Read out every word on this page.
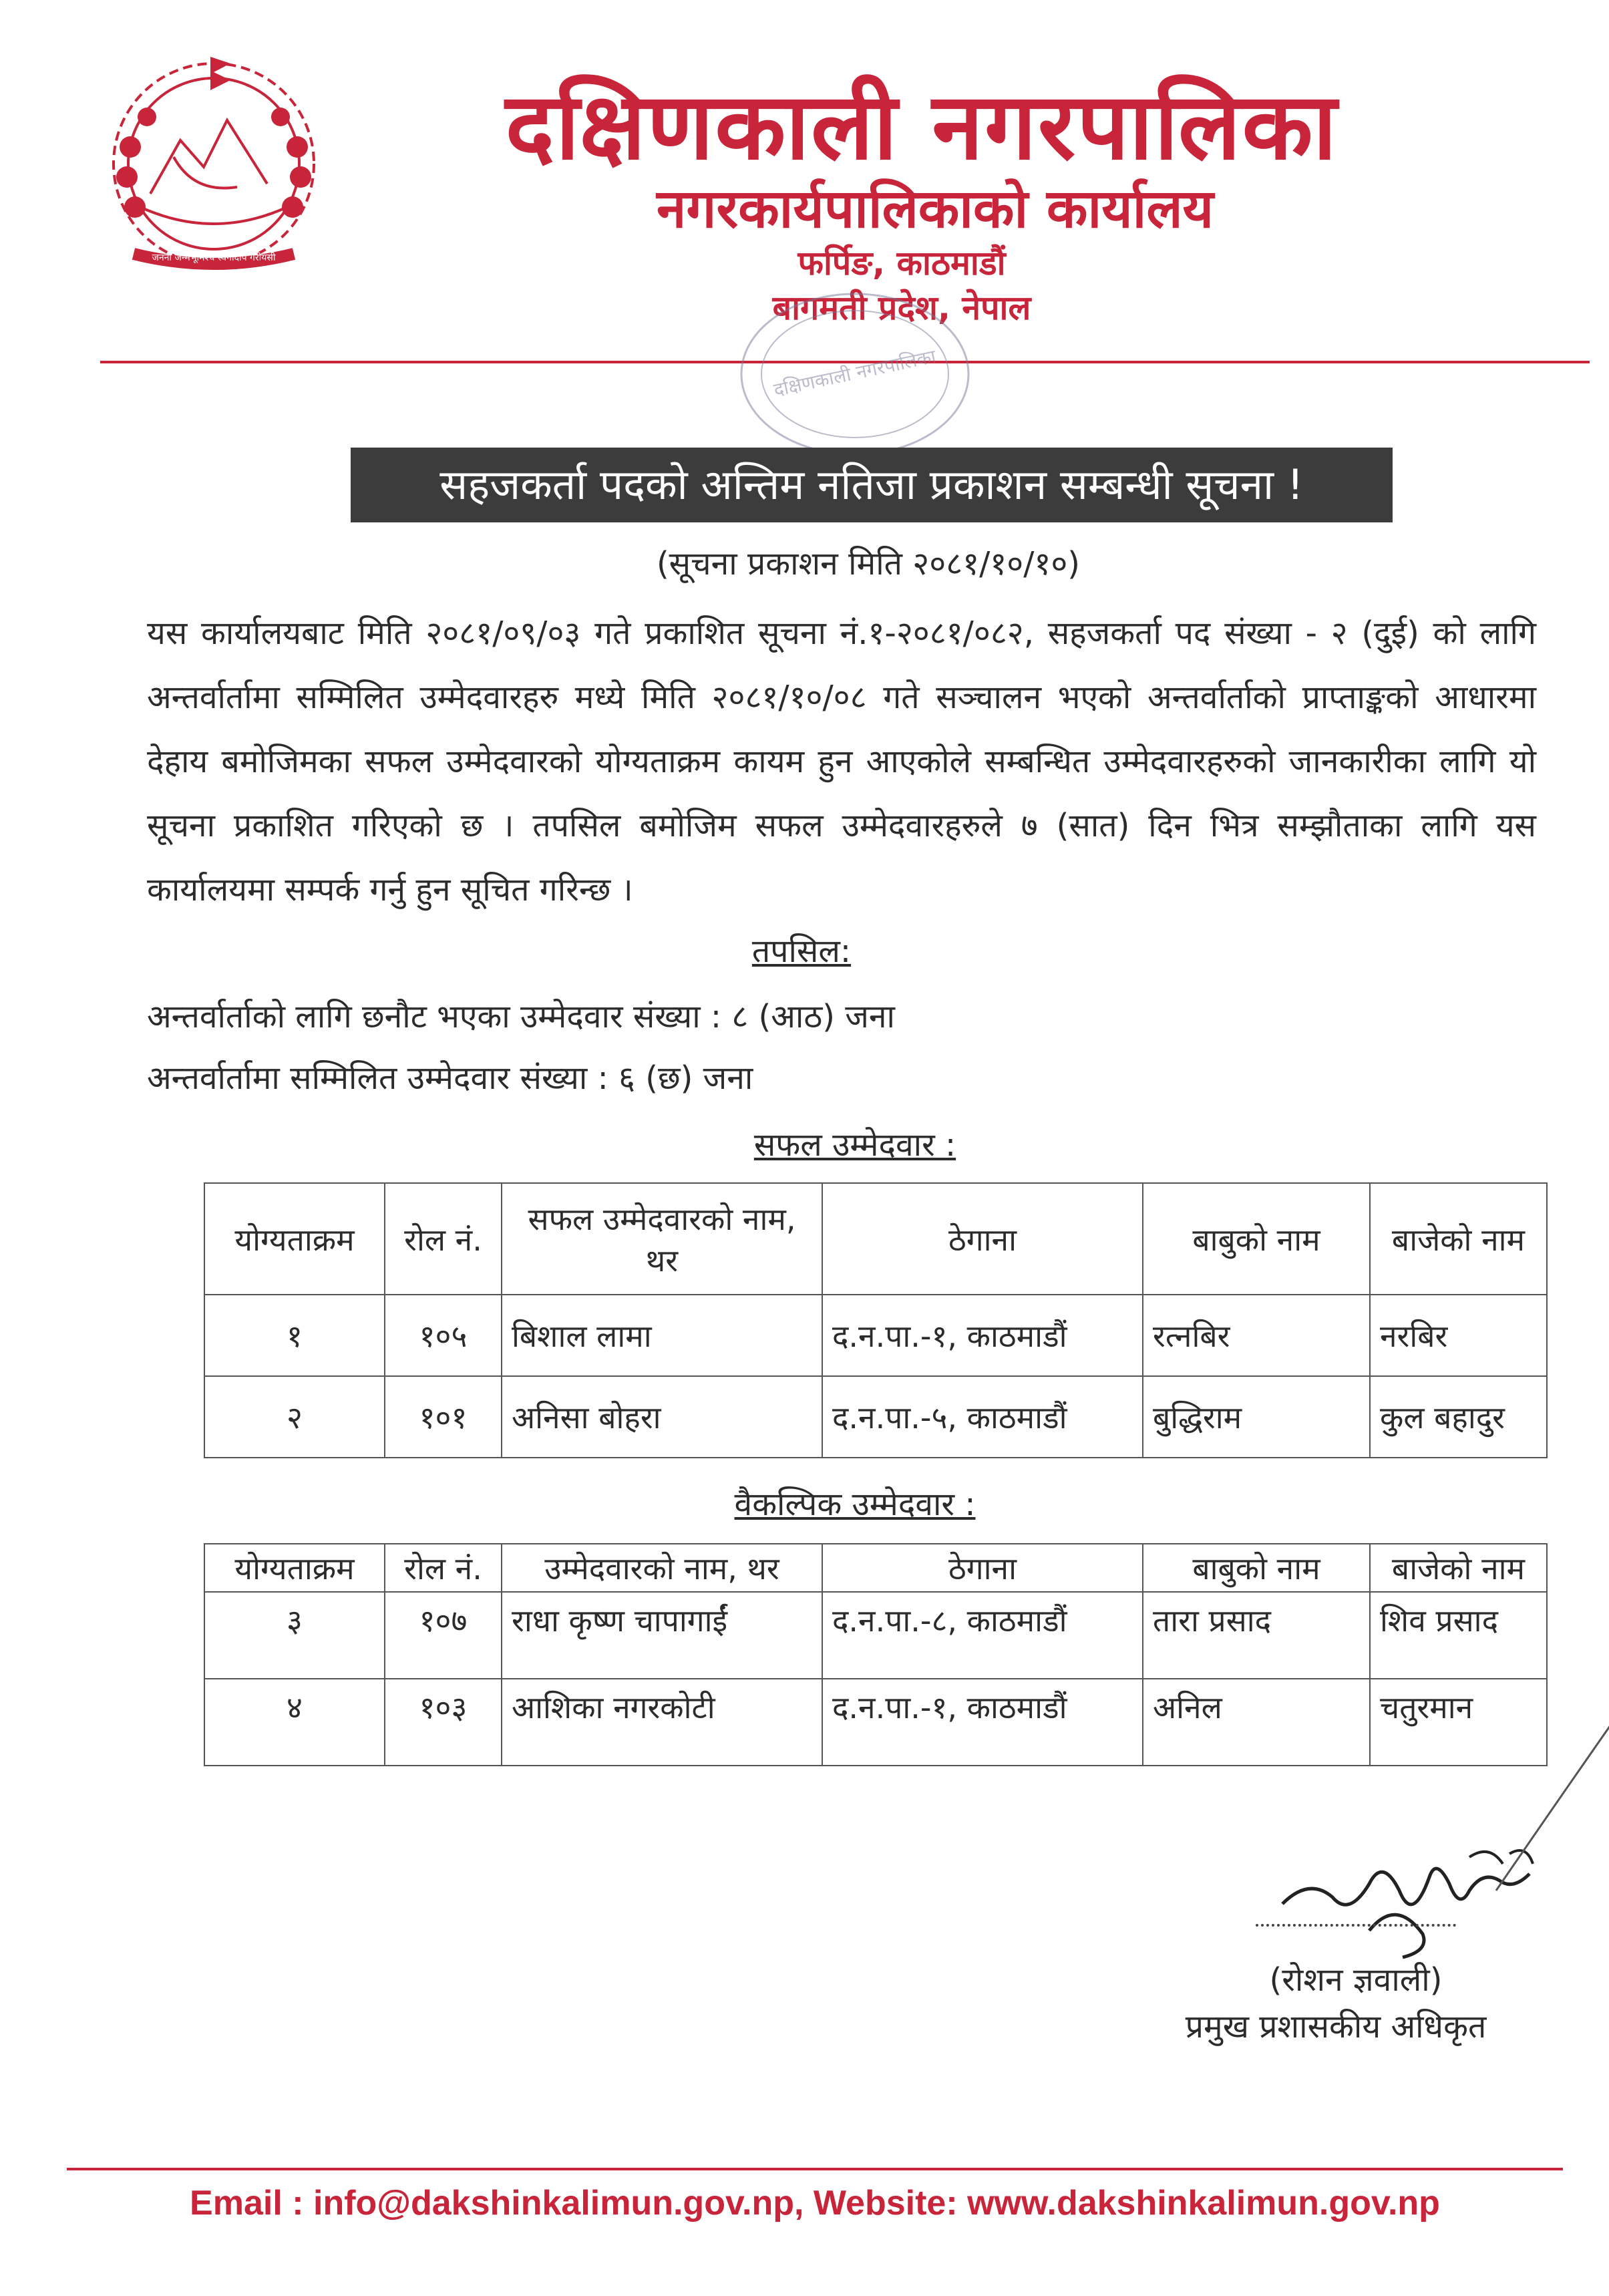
जननी जन्मभूमिश्च स्वर्गादपि गरीयसी
दक्षिणकाली नगरपालिका
नगरकार्यपालिकाको कार्यालय
फर्पिङ, काठमाडौं
बागमती प्रदेश, नेपाल
दक्षिणकाली नगरपालिका
सहजकर्ता पदको अन्तिम नतिजा प्रकाशन सम्बन्धी सूचना !
(सूचना प्रकाशन मिति २०८१/१०/१०)
यस कार्यालयबाट मिति २०८१/०९/०३ गते प्रकाशित सूचना नं.१-२०८१/०८२, सहजकर्ता पद संख्या - २ (दुई) को लागि अन्तर्वार्तामा सम्मिलित उम्मेदवारहरु मध्ये मिति २०८१/१०/०८ गते सञ्चालन भएको अन्तर्वार्ताको प्राप्ताङ्कको आधारमा देहाय बमोजिमका सफल उम्मेदवारको योग्यताक्रम कायम हुन आएकोले सम्बन्धित उम्मेदवारहरुको जानकारीका लागि यो सूचना प्रकाशित गरिएको छ । तपसिल बमोजिम सफल उम्मेदवारहरुले ७ (सात) दिन भित्र सम्झौताका लागि यस कार्यालयमा सम्पर्क गर्नु हुन सूचित गरिन्छ ।
तपसिल:
अन्तर्वार्ताको लागि छनौट भएका उम्मेदवार संख्या : ८ (आठ) जना
अन्तर्वार्तामा सम्मिलित उम्मेदवार संख्या : ६ (छ) जना
सफल उम्मेदवार :
योग्यताक्रम	रोल नं.	सफल उम्मेदवारको नाम, थर	ठेगाना	बाबुको नाम	बाजेको नाम
१	१०५	बिशाल लामा	द.न.पा.-१, काठमाडौं	रत्नबिर	नरबिर
२	१०१	अनिसा बोहरा	द.न.पा.-५, काठमाडौं	बुद्धिराम	कुल बहादुर
वैकल्पिक उम्मेदवार :
योग्यताक्रम	रोल नं.	उम्मेदवारको नाम, थर	ठेगाना	बाबुको नाम	बाजेको नाम
३	१०७	राधा कृष्ण चापागाईं	द.न.पा.-८, काठमाडौं	तारा प्रसाद	शिव प्रसाद
४	१०३	आशिका नगरकोटी	द.न.पा.-१, काठमाडौं	अनिल	चतुरमान
(रोशन ज्ञवाली)
प्रमुख प्रशासकीय अधिकृत
Email : info@dakshinkalimun.gov.np, Website: www.dakshinkalimun.gov.np
